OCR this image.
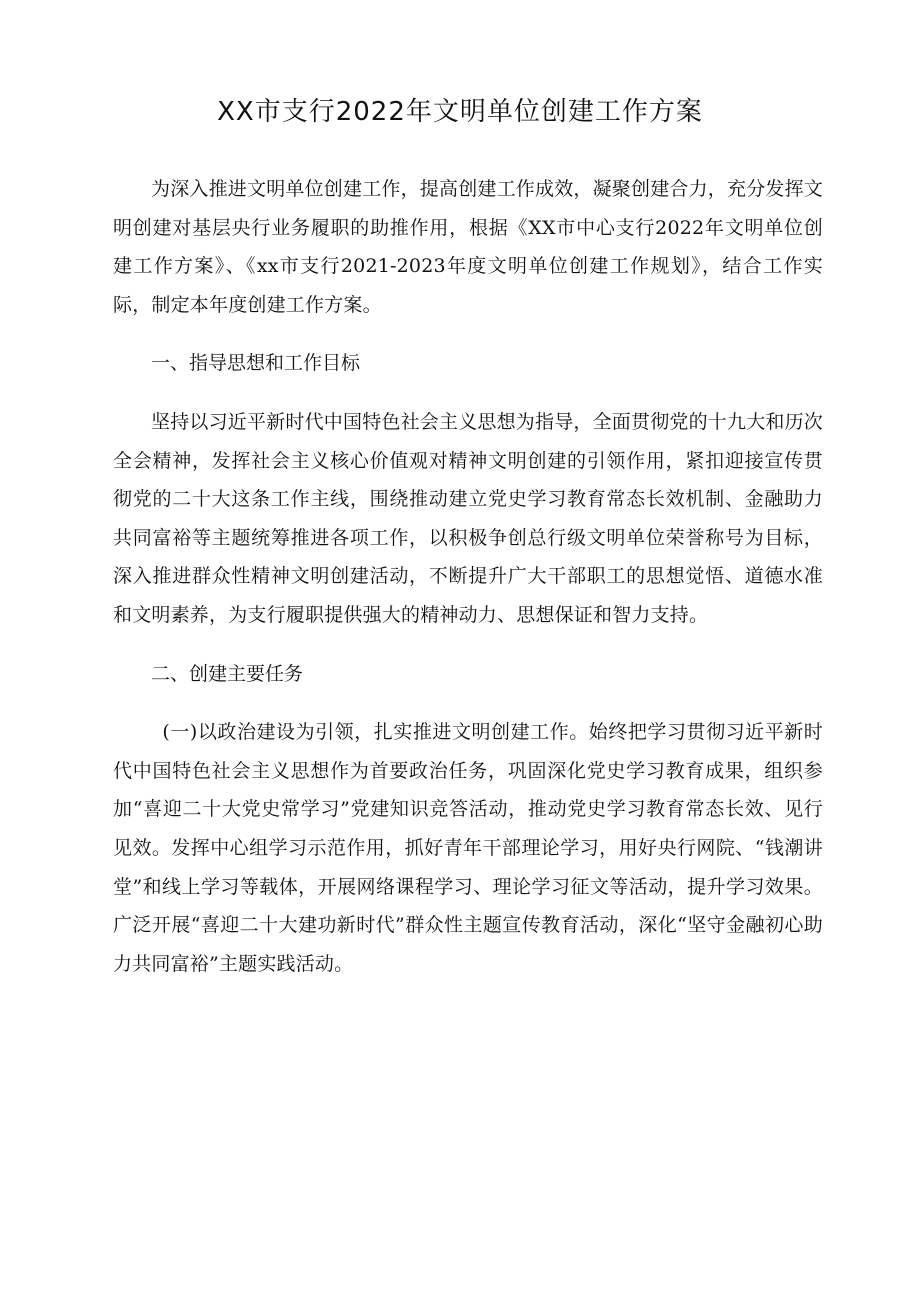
XX市支行2022年文明单位创建工作方案

为深入推进文明单位创建工作，提高创建工作成效，凝聚创建合力，充分发挥文明创建对基层央行业务履职的助推作用，根据《XX市中心支行2022年文明单位创建工作方案》、《xx市支行2021-2023年度文明单位创建工作规划》，结合工作实际，制定本年度创建工作方案。

一、指导思想和工作目标

坚持以习近平新时代中国特色社会主义思想为指导，全面贯彻党的十九大和历次全会精神，发挥社会主义核心价值观对精神文明创建的引领作用，紧扣迎接宣传贯彻党的二十大这条工作主线，围绕推动建立党史学习教育常态长效机制、金融助力共同富裕等主题统筹推进各项工作，以积极争创总行级文明单位荣誉称号为目标，深入推进群众性精神文明创建活动，不断提升广大干部职工的思想觉悟、道德水准和文明素养，为支行履职提供强大的精神动力、思想保证和智力支持。

二、创建主要任务

(一)以政治建设为引领，扎实推进文明创建工作。始终把学习贯彻习近平新时代中国特色社会主义思想作为首要政治任务，巩固深化党史学习教育成果，组织参加“喜迎二十大党史常学习”党建知识竞答活动，推动党史学习教育常态长效、见行见效。发挥中心组学习示范作用，抓好青年干部理论学习，用好央行网院、“钱潮讲堂”和线上学习等载体，开展网络课程学习、理论学习征文等活动，提升学习效果。广泛开展“喜迎二十大建功新时代”群众性主题宣传教育活动，深化“坚守金融初心助力共同富裕”主题实践活动。
